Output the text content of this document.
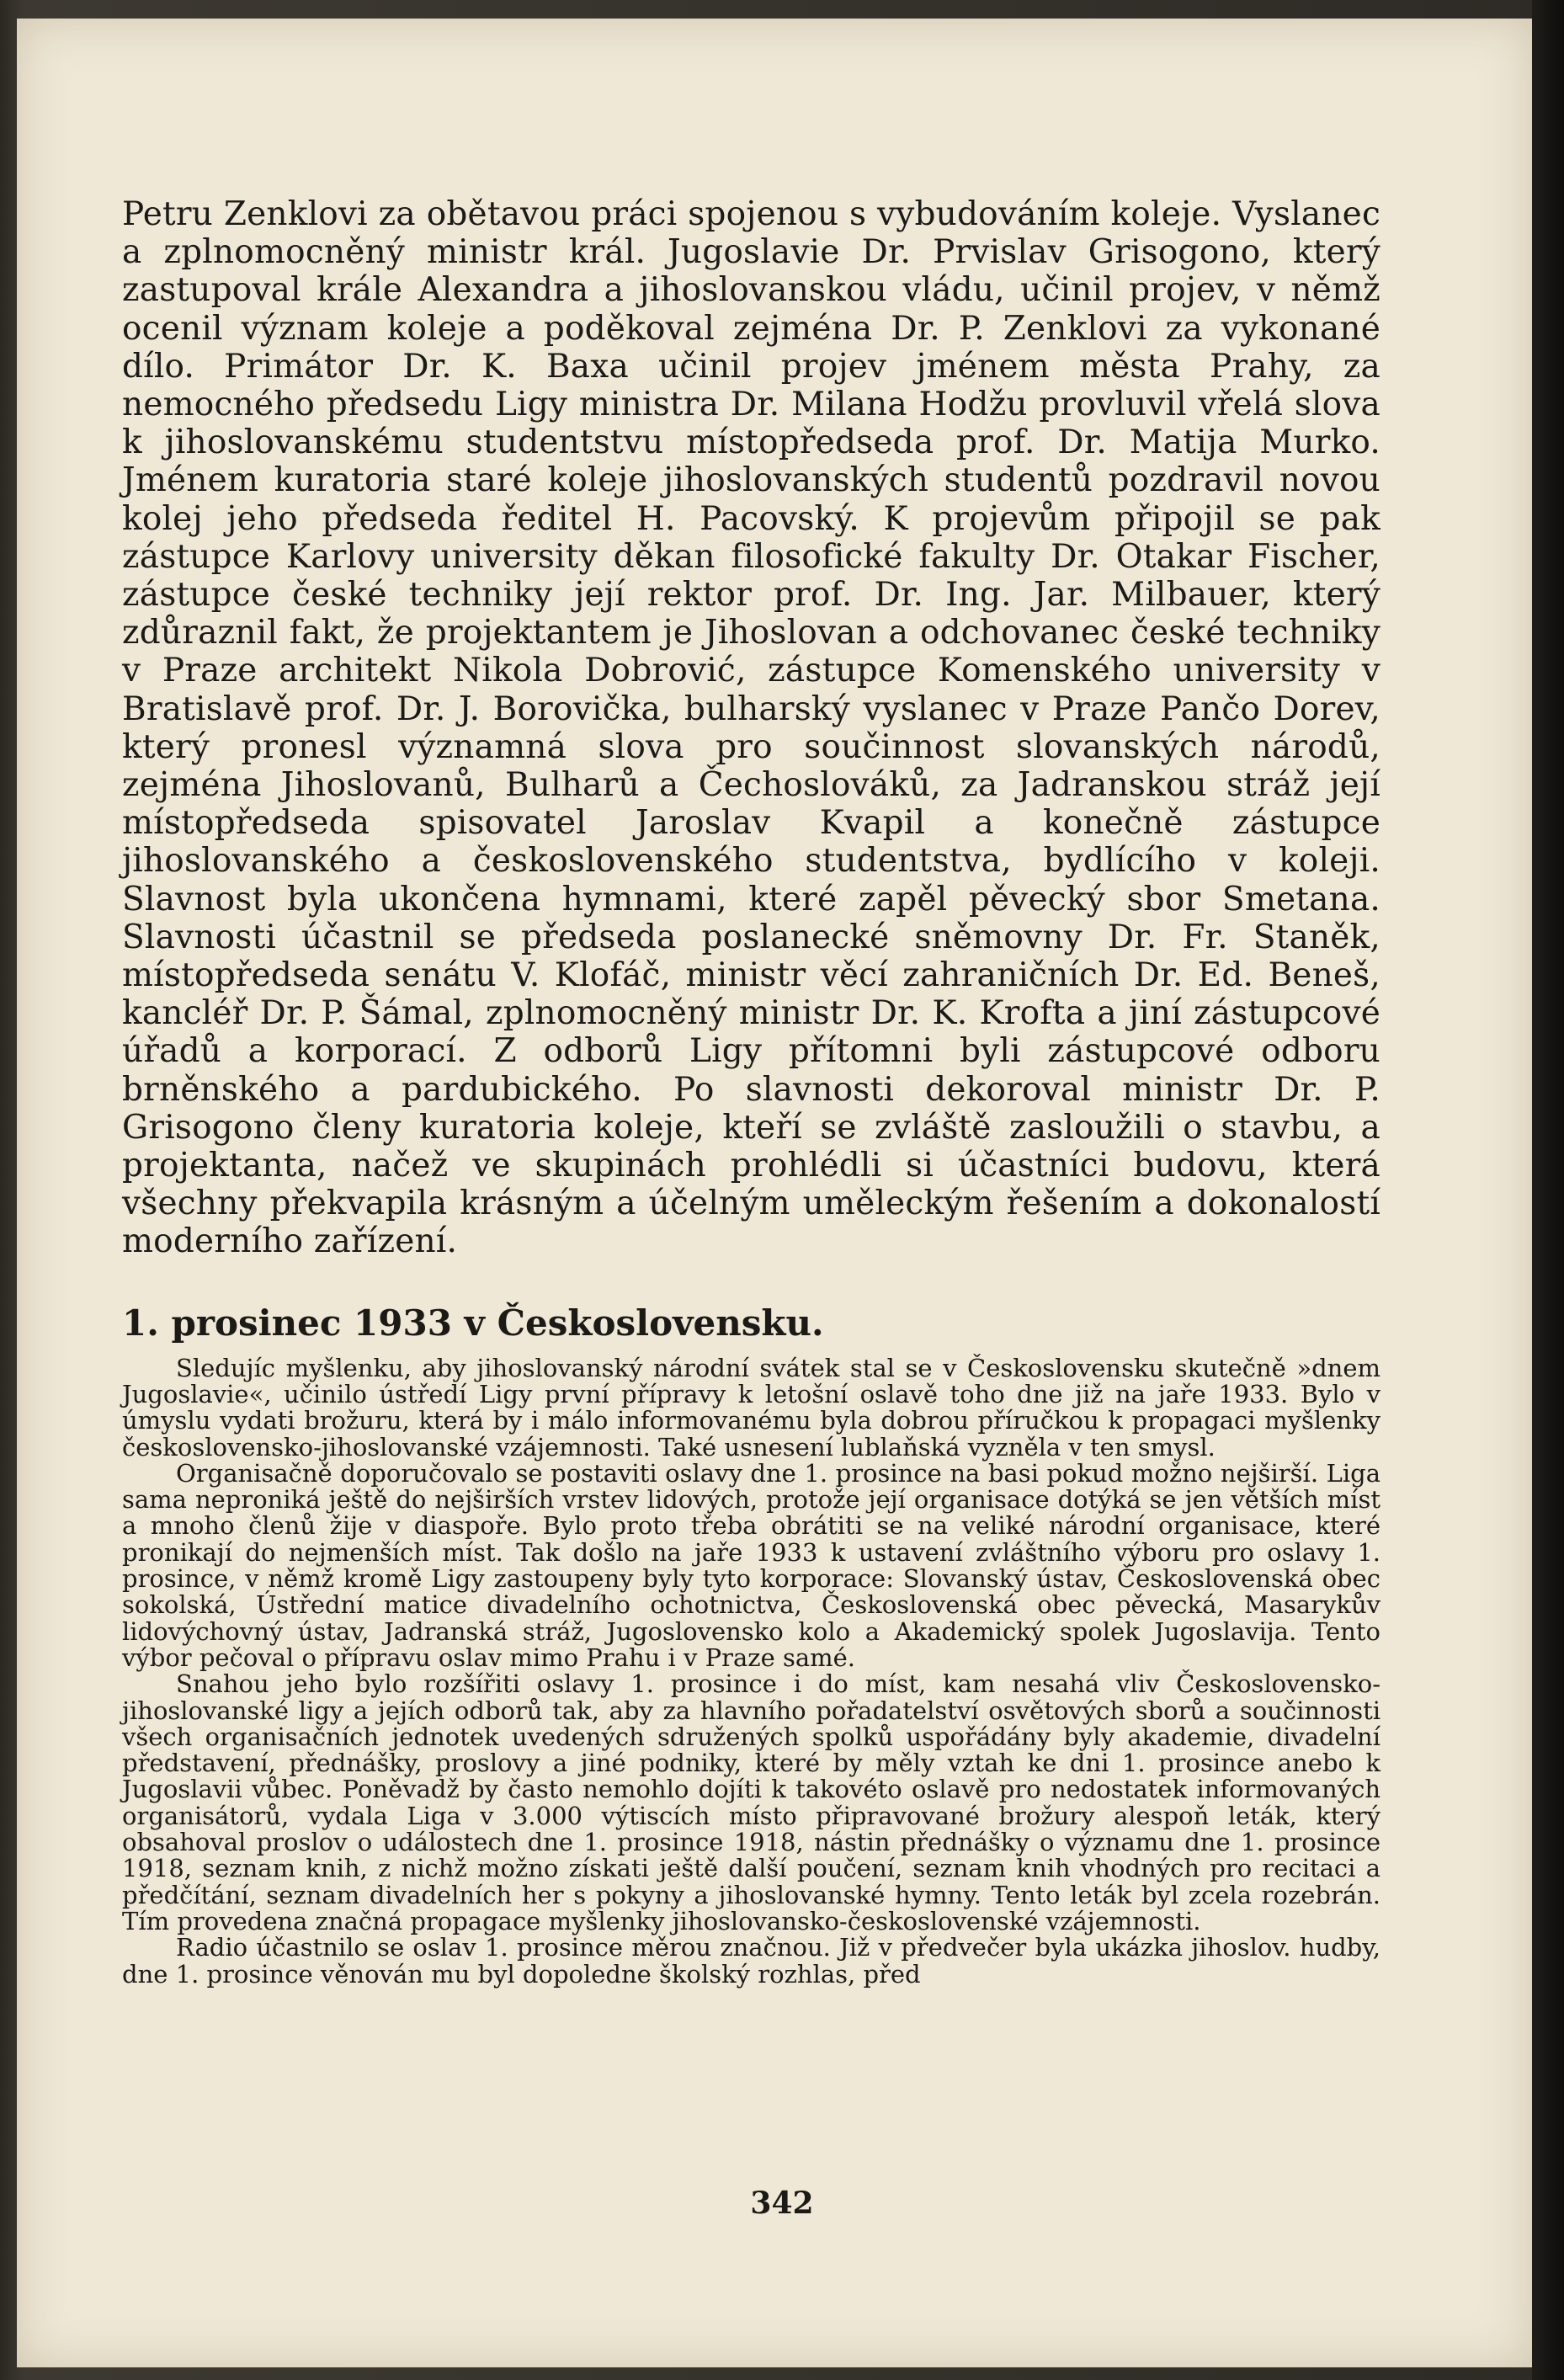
Petru Zenklovi za obětavou práci spojenou s vybudováním koleje. Vyslanec a zplnomocněný ministr král. Jugoslavie Dr. Prvislav Grisogono, který zastupoval krále Alexandra a jihoslovanskou vládu, učinil projev, v němž ocenil význam koleje a poděkoval zejména Dr. P. Zenklovi za vykonané dílo. Primátor Dr. K. Baxa učinil projev jménem města Prahy, za nemocného předsedu Ligy ministra Dr. Milana Hodžu provluvil vřelá slova k jihoslovanskému studentstvu místopředseda prof. Dr. Matija Murko. Jménem kuratoria staré koleje jihoslovanských studentů pozdravil novou kolej jeho předseda ředitel H. Pacovský. K projevům připojil se pak zástupce Karlovy university děkan filosofické fakulty Dr. Otakar Fischer, zástupce české techniky její rektor prof. Dr. Ing. Jar. Milbauer, který zdůraznil fakt, že projektantem je Jihoslovan a odchovanec české techniky v Praze architekt Nikola Dobrović, zástupce Komenského university v Bratislavě prof. Dr. J. Borovička, bulharský vyslanec v Praze Pančo Dorev, který pronesl významná slova pro součinnost slovanských národů, zejména Jihoslovanů, Bulharů a Čechoslováků, za Jadranskou stráž její místopředseda spisovatel Jaroslav Kvapil a konečně zástupce jihoslovanského a československého studentstva, bydlícího v koleji. Slavnost byla ukončena hymnami, které zapěl pěvecký sbor Smetana. Slavnosti účastnil se předseda poslanecké sněmovny Dr. Fr. Staněk, místopředseda senátu V. Klofáč, ministr věcí zahraničních Dr. Ed. Beneš, kancléř Dr. P. Šámal, zplnomocněný ministr Dr. K. Krofta a jiní zástupcové úřadů a korporací. Z odborů Ligy přítomni byli zástupcové odboru brněnského a pardubického. Po slavnosti dekoroval ministr Dr. P. Grisogono členy kuratoria koleje, kteří se zvláště zasloužili o stavbu, a projektanta, načež ve skupinách prohlédli si účastníci budovu, která všechny překvapila krásným a účelným uměleckým řešením a dokonalostí moderního zařízení.

1. prosinec 1933 v Československu.

Sledujíc myšlenku, aby jihoslovanský národní svátek stal se v Československu skutečně »dnem Jugoslavie«, učinilo ústředí Ligy první přípravy k letošní oslavě toho dne již na jaře 1933. Bylo v úmyslu vydati brožuru, která by i málo informovanému byla dobrou příručkou k propagaci myšlenky československo-jihoslovanské vzájemnosti. Také usnesení lublaňská vyzněla v ten smysl.

Organisačně doporučovalo se postaviti oslavy dne 1. prosince na basi pokud možno nejširší. Liga sama nepronіká ještě do nejširších vrstev lidových, protože její organisace dotýká se jen větších míst a mnoho členů žije v diaspoře. Bylo proto třeba obrátiti se na veliké národní organisace, které pronikají do nejmenších míst. Tak došlo na jaře 1933 k ustavení zvláštního výboru pro oslavy 1. prosince, v němž kromě Ligy zastoupeny byly tyto korporace: Slovanský ústav, Československá obec sokolská, Ústřední matice divadelního ochotnictva, Československá obec pěvecká, Masarykův lidovýchovný ústav, Jadranská stráž, Jugoslovensko kolo a Akademický spolek Jugoslavija. Tento výbor pečoval o přípravu oslav mimo Prahu i v Praze samé.

Snahou jeho bylo rozšířiti oslavy 1. prosince i do míst, kam nesahá vliv Československo-jihoslovanské ligy a jejích odborů tak, aby za hlavního pořadatelství osvětových sborů a součinnosti všech organisačních jednotek uvedených sdružených spolků uspořádány byly akademie, divadelní představení, přednášky, proslovy a jiné podniky, které by měly vztah ke dni 1. prosince anebo k Jugoslavii vůbec. Poněvadž by často nemohlo dojíti k takovéto oslavě pro nedostatek informovaných organisátorů, vydala Liga v 3.000 výtiscích místo připravované brožury alespoň leták, který obsahoval proslov o událostech dne 1. prosince 1918, nástin přednášky o významu dne 1. prosince 1918, seznam knih, z nichž možno získati ještě další poučení, seznam knih vhodných pro recitaci a předčítání, seznam divadelních her s pokyny a jihoslovanské hymny. Tento leták byl zcela rozebrán. Tím provedena značná propagace myšlenky jihoslovansko-československé vzájemnosti.

Radio účastnilo se oslav 1. prosince měrou značnou. Již v předvečer byla ukázka jihoslov. hudby, dne 1. prosince věnován mu byl dopoledne školský rozhlas, před

342
